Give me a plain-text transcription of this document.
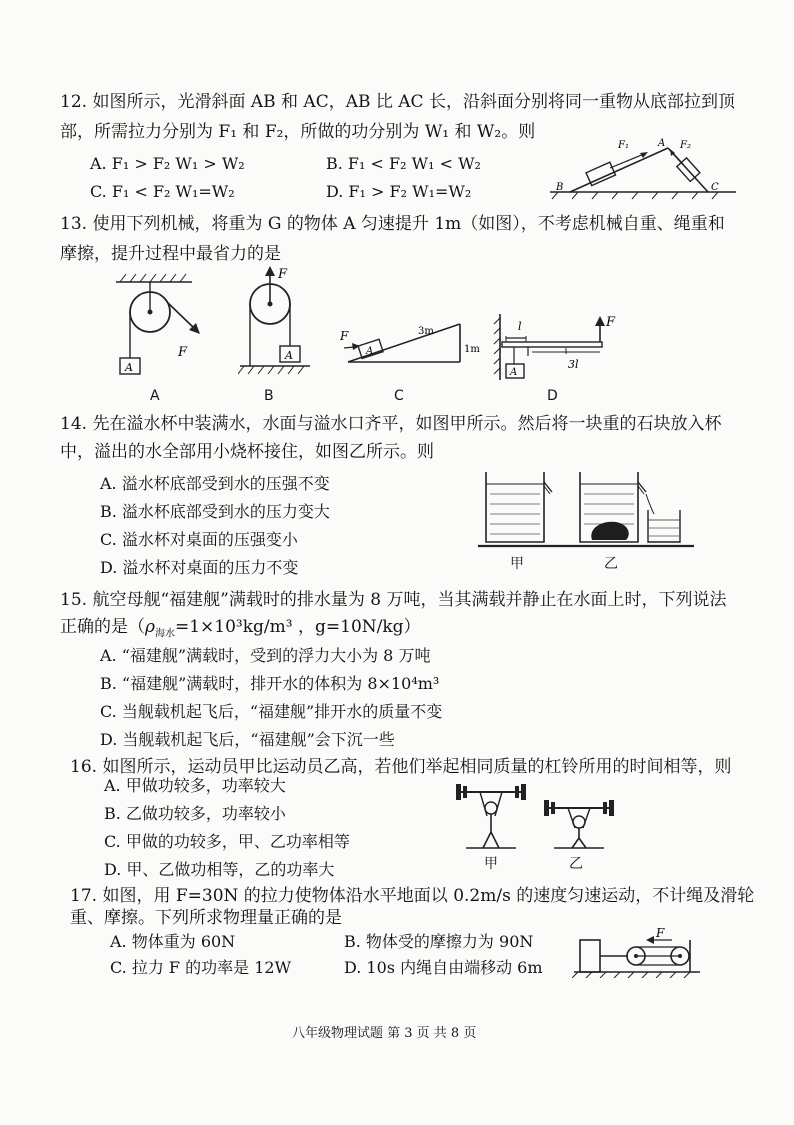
12. 如图所示，光滑斜面 AB 和 AC，AB 比 AC 长，沿斜面分别将同一重物从底部拉到顶
部，所需拉力分别为 F₁ 和 F₂，所做的功分别为 W₁ 和 W₂。则
A. F₁ > F₂ W₁ > W₂	B. F₁ < F₂ W₁ < W₂
C. F₁ < F₂ W₁=W₂	D. F₁ > F₂ W₁=W₂	B
A
C
F₁	F₂
13. 使用下列机械，将重为 G 的物体 A 匀速提升 1m（如图），不考虑机械自重、绳重和
摩擦，提升过程中最省力的是
A
F
F
A	A
F	3m
1m
l
3l
A
F
A	B	C	D
14. 先在溢水杯中装满水，水面与溢水口齐平，如图甲所示。然后将一块重的石块放入杯
中，溢出的水全部用小烧杯接住，如图乙所示。则
A. 溢水杯底部受到水的压强不变
B. 溢水杯底部受到水的压力变大
C. 溢水杯对桌面的压强变小
D. 溢水杯对桌面的压力不变	甲	乙
15. 航空母舰“福建舰”满载时的排水量为 8 万吨，当其满载并静止在水面上时，下列说法
正确的是（$\rho_{海水}=1\times 10^3kg/m^3$ ，g=10N/kg）
A. “福建舰”满载时，受到的浮力大小为 8 万吨
B. “福建舰”满载时，排开水的体积为 8×10⁴m³
C. 当舰载机起飞后，“福建舰”排开水的质量不变
D. 当舰载机起飞后，“福建舰”会下沉一些
16. 如图所示，运动员甲比运动员乙高，若他们举起相同质量的杠铃所用的时间相等，则
A. 甲做功较多，功率较大
B. 乙做功较多，功率较小
C. 甲做的功较多，甲、乙功率相等
D. 甲、乙做功相等，乙的功率大	甲	乙
17. 如图，用 F=30N 的拉力使物体沿水平地面以 0.2m/s 的速度匀速运动，不计绳及滑轮
重、摩擦。下列所求物理量正确的是
A. 物体重为 60N	B. 物体受的摩擦力为 90N
C. 拉力 F 的功率是 12W	D. 10s 内绳自由端移动 6m
F
八年级物理试题 第 3 页 共 8 页
